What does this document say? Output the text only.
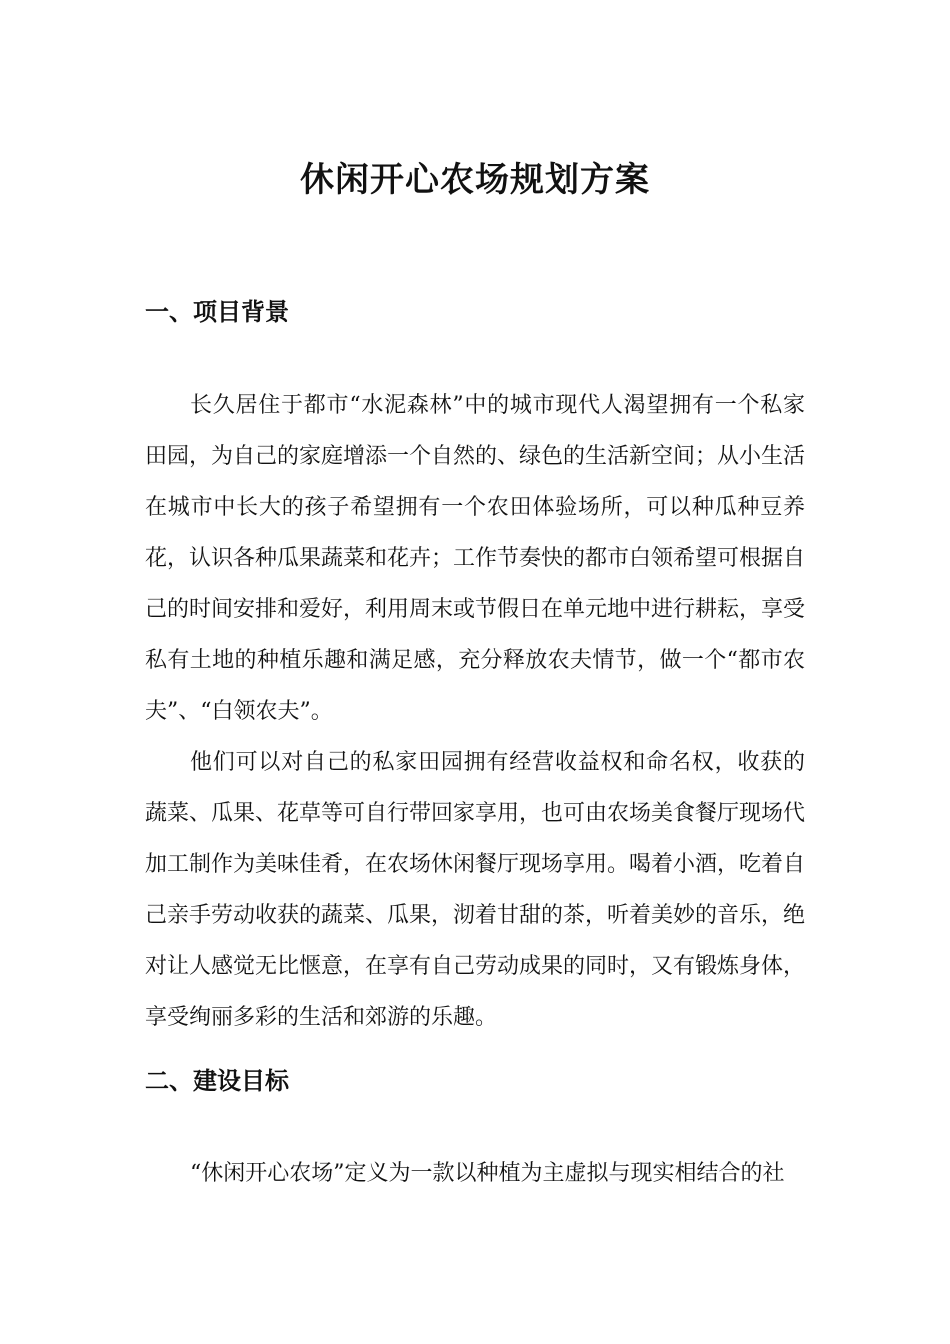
休闲开心农场规划方案
一、项目背景

长久居住于都市“水泥森林”中的城市现代人渴望拥有一个私家田园，为自己的家庭增添一个自然的、绿色的生活新空间；从小生活在城市中长大的孩子希望拥有一个农田体验场所，可以种瓜种豆养花，认识各种瓜果蔬菜和花卉；工作节奏快的都市白领希望可根据自己的时间安排和爱好，利用周末或节假日在单元地中进行耕耘，享受私有土地的种植乐趣和满足感，充分释放农夫情节，做一个“都市农夫”、“白领农夫”。

他们可以对自己的私家田园拥有经营收益权和命名权，收获的蔬菜、瓜果、花草等可自行带回家享用，也可由农场美食餐厅现场代加工制作为美味佳肴，在农场休闲餐厅现场享用。喝着小酒，吃着自己亲手劳动收获的蔬菜、瓜果，沏着甘甜的茶，听着美妙的音乐，绝对让人感觉无比惬意，在享有自己劳动成果的同时，又有锻炼身体，享受绚丽多彩的生活和郊游的乐趣。

二、建设目标

“休闲开心农场”定义为一款以种植为主虚拟与现实相结合的社
